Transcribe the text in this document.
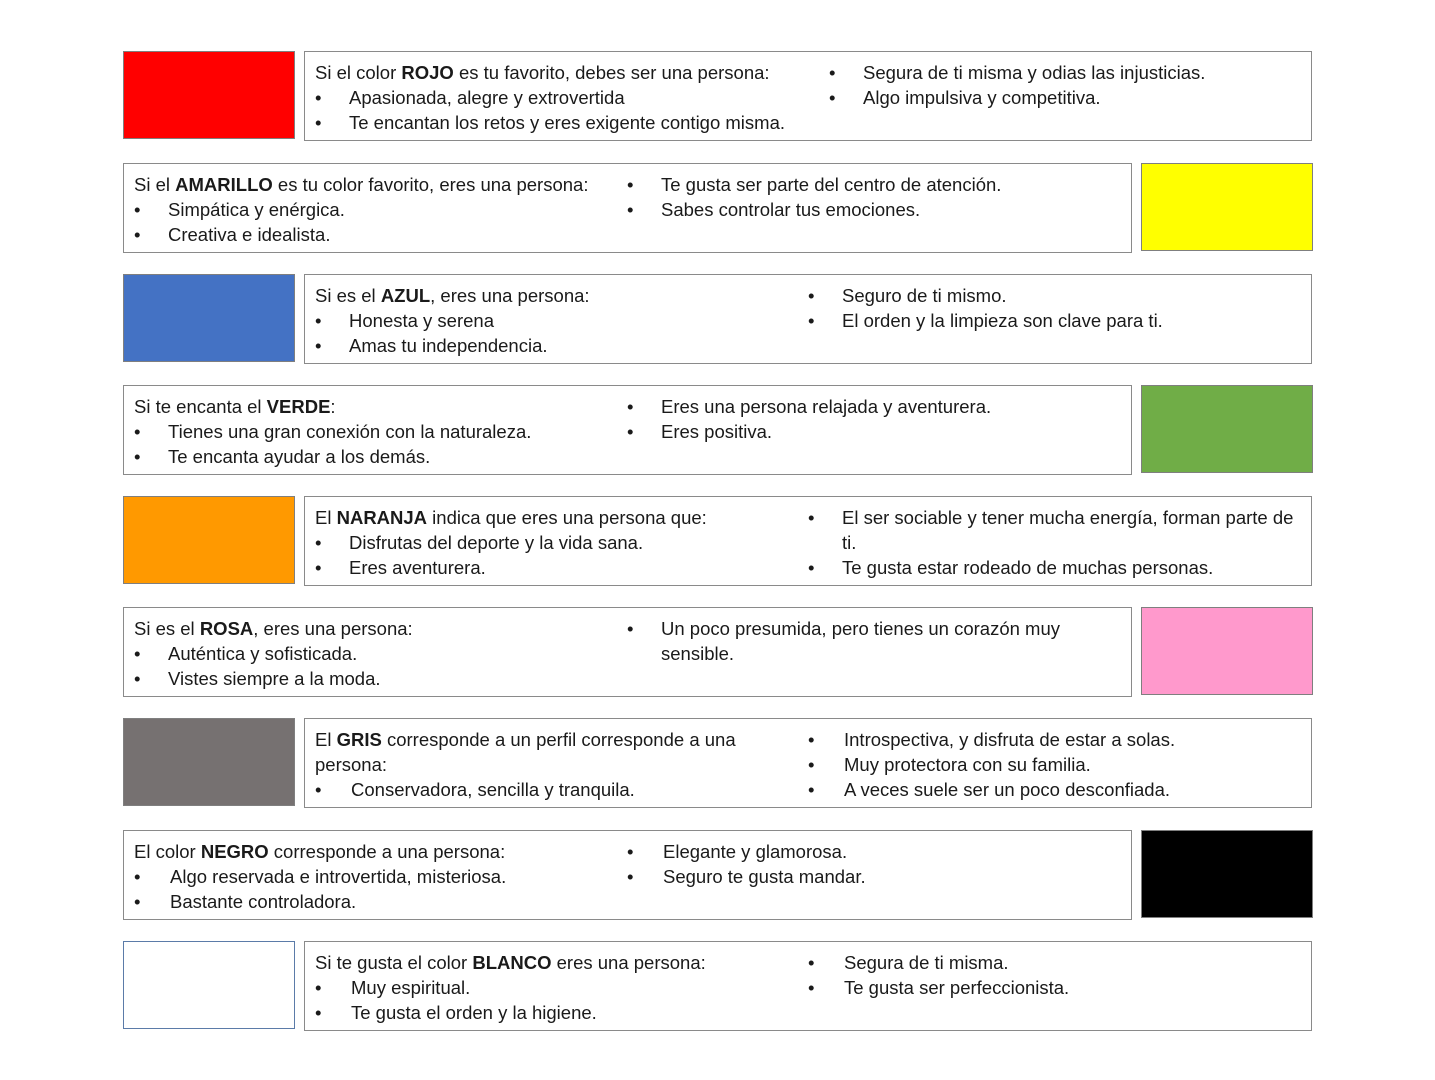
Si el color ROJO es tu favorito, debes ser una persona:
• Apasionada, alegre y extrovertida
• Te encantan los retos y eres exigente contigo misma.
• Segura de ti misma y odias las injusticias.
• Algo impulsiva y competitiva.
Si el AMARILLO es tu color favorito, eres una persona:
• Simpática y enérgica.
• Creativa e idealista.
• Te gusta ser parte del centro de atención.
• Sabes controlar tus emociones.
Si es el AZUL, eres una persona:
• Honesta y serena
• Amas tu independencia.
• Seguro de ti mismo.
• El orden y la limpieza son clave para ti.
Si te encanta el VERDE:
• Tienes una gran conexión con la naturaleza.
• Te encanta ayudar a los demás.
• Eres una persona relajada y aventurera.
• Eres positiva.
El NARANJA indica que eres una persona que:
• Disfrutas del deporte y la vida sana.
• Eres aventurera.
• El ser sociable y tener mucha energía, forman parte de ti.
• Te gusta estar rodeado de muchas personas.
Si es el ROSA, eres una persona:
• Auténtica y sofisticada.
• Vistes siempre a la moda.
• Un poco presumida, pero tienes un corazón muy sensible.
El GRIS corresponde a un perfil corresponde a una persona:
• Conservadora, sencilla y tranquila.
• Introspectiva, y disfruta de estar a solas.
• Muy protectora con su familia.
• A veces suele ser un poco desconfiada.
El color NEGRO corresponde a una persona:
• Algo reservada e introvertida, misteriosa.
• Bastante controladora.
• Elegante y glamorosa.
• Seguro te gusta mandar.
Si te gusta el color BLANCO eres una persona:
• Muy espiritual.
• Te gusta el orden y la higiene.
• Segura de ti misma.
• Te gusta ser perfeccionista.
